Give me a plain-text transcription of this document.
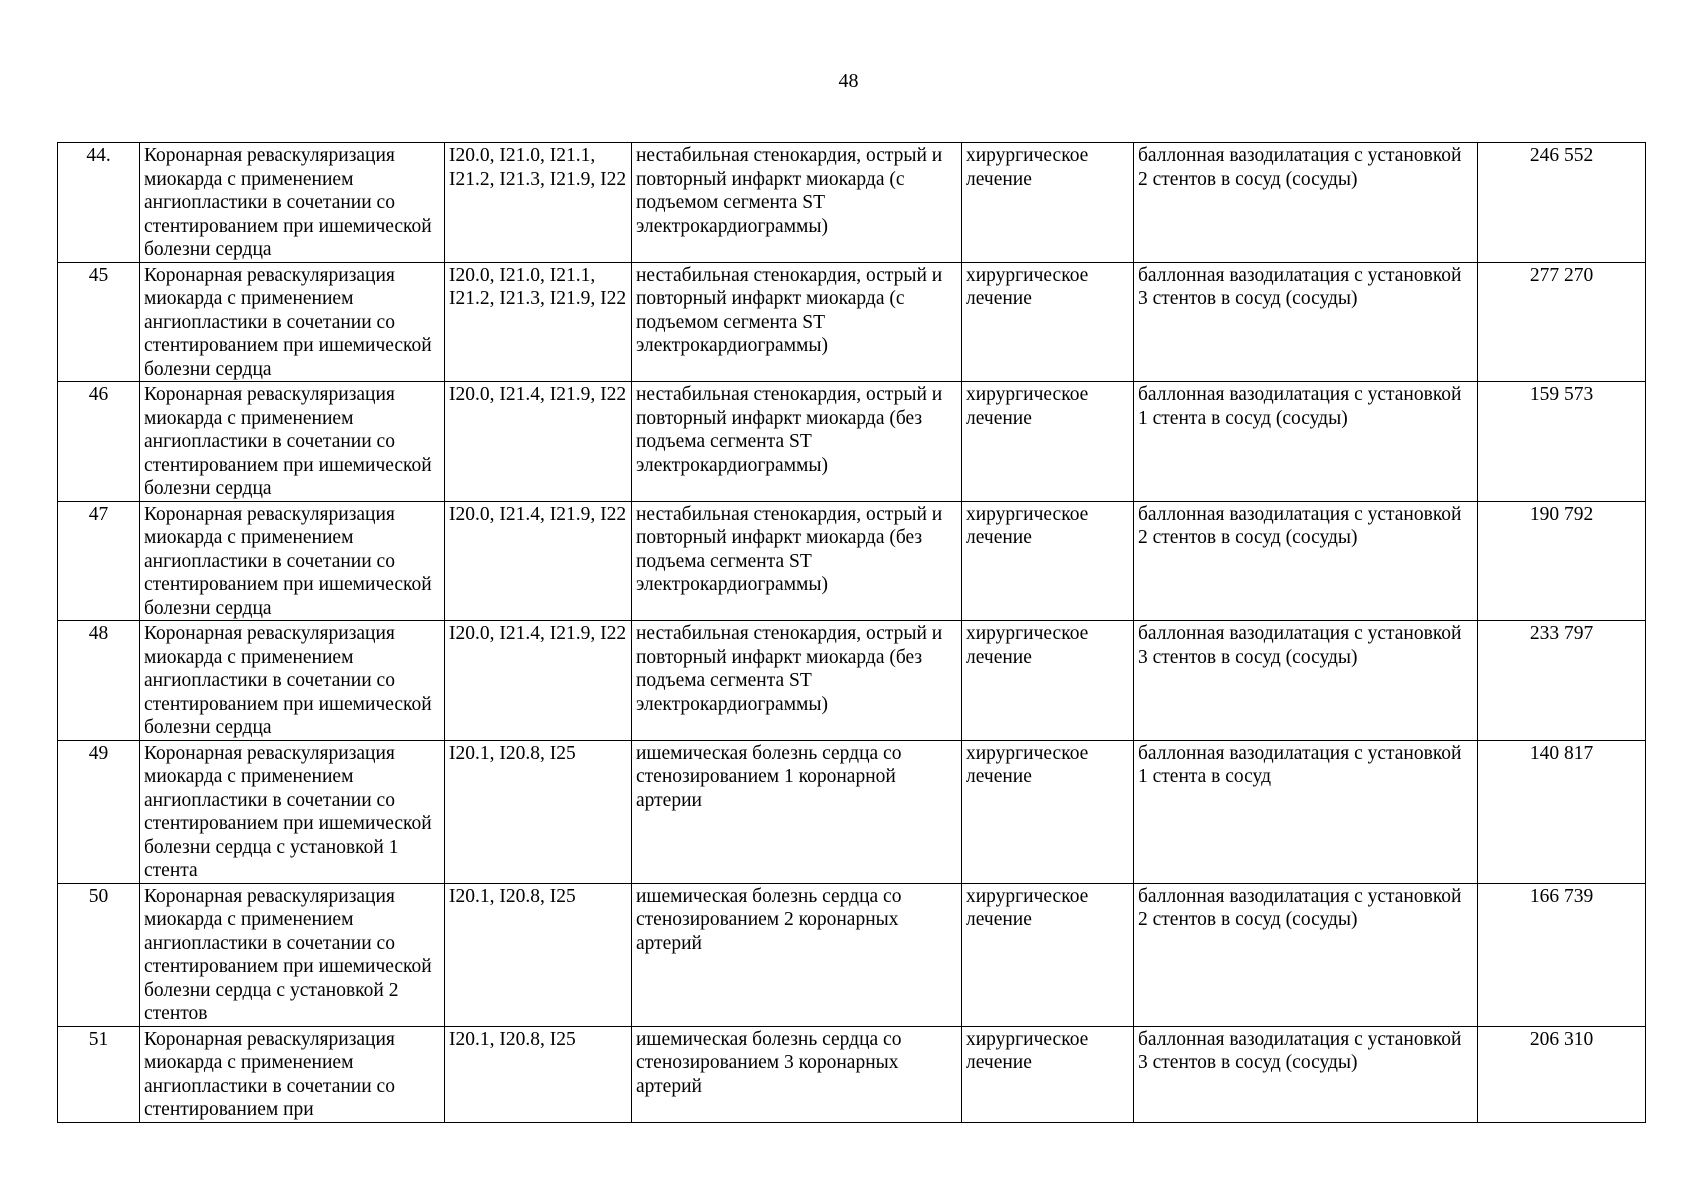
48
44.	Коронарная реваскуляризация миокарда с применением ангиопластики в сочетании со стентированием при ишемической болезни сердца	I20.0, I21.0, I21.1, I21.2, I21.3, I21.9, I22	нестабильная стенокардия, острый и повторный инфаркт миокарда (с подъемом сегмента ST электрокардиограммы)	хирургическое лечение	баллонная вазодилатация с установкой 2 стентов в сосуд (сосуды)	246 552
45	Коронарная реваскуляризация миокарда с применением ангиопластики в сочетании со стентированием при ишемической болезни сердца	I20.0, I21.0, I21.1, I21.2, I21.3, I21.9, I22	нестабильная стенокардия, острый и повторный инфаркт миокарда (с подъемом сегмента ST электрокардиограммы)	хирургическое лечение	баллонная вазодилатация с установкой 3 стентов в сосуд (сосуды)	277 270
46	Коронарная реваскуляризация миокарда с применением ангиопластики в сочетании со стентированием при ишемической болезни сердца	I20.0, I21.4, I21.9, I22	нестабильная стенокардия, острый и повторный инфаркт миокарда (без подъема сегмента ST электрокардиограммы)	хирургическое лечение	баллонная вазодилатация с установкой 1 стента в сосуд (сосуды)	159 573
47	Коронарная реваскуляризация миокарда с применением ангиопластики в сочетании со стентированием при ишемической болезни сердца	I20.0, I21.4, I21.9, I22	нестабильная стенокардия, острый и повторный инфаркт миокарда (без подъема сегмента ST электрокардиограммы)	хирургическое лечение	баллонная вазодилатация с установкой 2 стентов в сосуд (сосуды)	190 792
48	Коронарная реваскуляризация миокарда с применением ангиопластики в сочетании со стентированием при ишемической болезни сердца	I20.0, I21.4, I21.9, I22	нестабильная стенокардия, острый и повторный инфаркт миокарда (без подъема сегмента ST электрокардиограммы)	хирургическое лечение	баллонная вазодилатация с установкой 3 стентов в сосуд (сосуды)	233 797
49	Коронарная реваскуляризация миокарда с применением ангиопластики в сочетании со стентированием при ишемической болезни сердца с установкой 1 стента	I20.1, I20.8, I25	ишемическая болезнь сердца со стенозированием 1 коронарной артерии	хирургическое лечение	баллонная вазодилатация с установкой 1 стента в сосуд	140 817
50	Коронарная реваскуляризация миокарда с применением ангиопластики в сочетании со стентированием при ишемической болезни сердца с установкой 2 стентов	I20.1, I20.8, I25	ишемическая болезнь сердца со стенозированием 2 коронарных артерий	хирургическое лечение	баллонная вазодилатация с установкой 2 стентов в сосуд (сосуды)	166 739
51	Коронарная реваскуляризация миокарда с применением ангиопластики в сочетании со стентированием при	I20.1, I20.8, I25	ишемическая болезнь сердца со стенозированием 3 коронарных артерий	хирургическое лечение	баллонная вазодилатация с установкой 3 стентов в сосуд (сосуды)	206 310
